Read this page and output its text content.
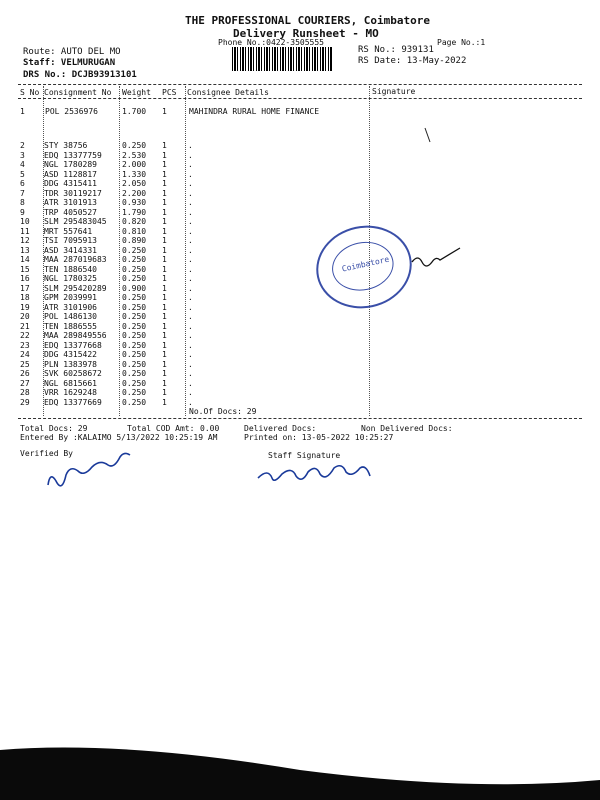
THE PROFESSIONAL COURIERS, Coimbatore
Delivery Runsheet - MO
Phone No.:0422-3505555	Page No.:1
Route: AUTO DEL MO
Staff: VELMURUGAN
DRS No.: DCJB93913101
RS No.: 939131
RS Date: 13-May-2022
S No Consignment No Weight PCS Consignee Details	Signature
1	POL 2536976	1.700 1	MAHINDRA RURAL HOME FINANCE
2	STY 38756	0.250	1	.
3	EDQ 13377759	2.530	1	.
4	NGL 1780289	2.000	1	.
5	ASD 1128817	1.330	1	.
6	DDG 4315411	2.050	1	.
7	TDR 30119217	2.200	1	.
8	ATR 3101913	0.930	1	.
9	TRP 4050527	1.790	1	.
10	SLM 295483045	0.820	1	.
11	MRT 557641	0.810	1	.
12	TSI 7095913	0.890	1	.
13	ASD 3414331	0.250	1	.
14	MAA 287019683	0.250	1	.
15	TEN 1886540	0.250	1	.
16	NGL 1780325	0.250	1	.
17	SLM 295420289	0.900	1	.
18	GPM 2039991	0.250	1	.
19	ATR 3101906	0.250	1	.
20	POL 1486130	0.250	1	.
21	TEN 1886555	0.250	1	.
22	MAA 289849556	0.250	1	.
23	EDQ 13377668	0.250	1	.
24	DDG 4315422	0.250	1	.
25	PLN 1383978	0.250	1	.
26	SVK 60258672	0.250	1	.
27	NGL 6815661	0.250	1	.
28	VRR 1629248	0.250	1	.
29	EDQ 13377669	0.250	1	.
No.Of Docs: 29
Total Docs: 29	Total COD Amt: 0.00	Delivered Docs:	Non Delivered Docs:
Entered By :KALAIMO 5/13/2022 10:25:19 AM	Printed on: 13-05-2022 10:25:27
Verified By	Staff Signature
Coimbatore
